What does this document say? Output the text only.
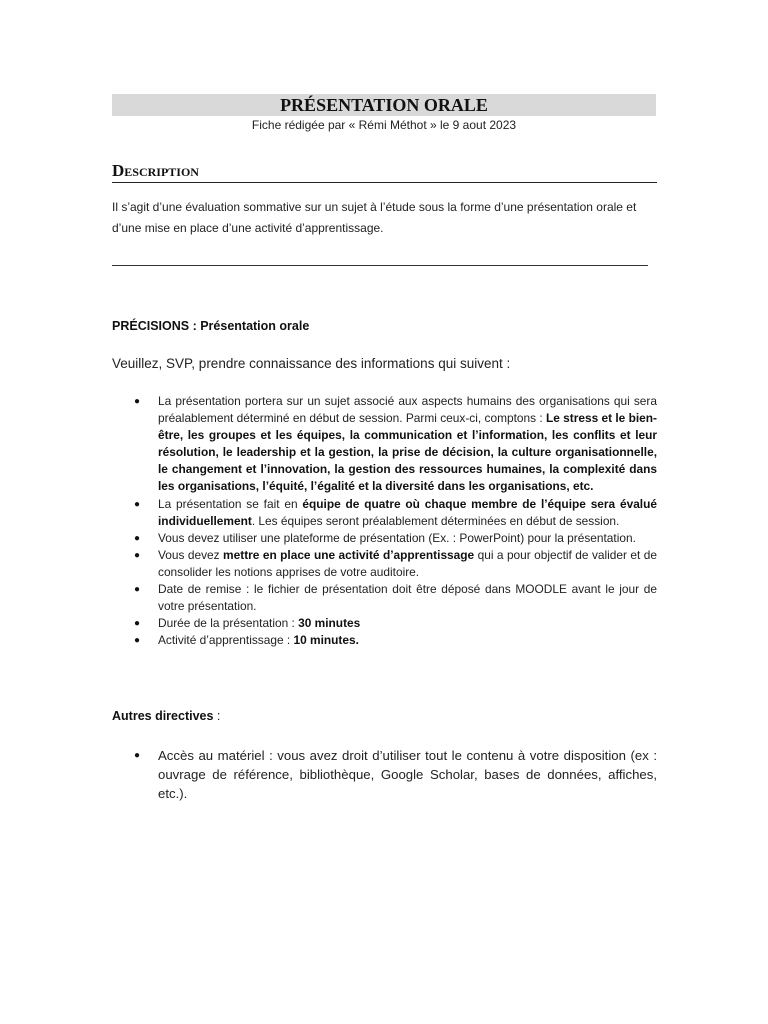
PRÉSENTATION ORALE
Fiche rédigée par « Rémi Méthot » le 9 aout 2023
Description
Il s’agit d’une évaluation sommative sur un sujet à l’étude sous la forme d’une présentation orale et d’une mise en place d’une activité d’apprentissage.
PRÉCISIONS : Présentation orale
Veuillez, SVP, prendre connaissance des informations qui suivent :
● La présentation portera sur un sujet associé aux aspects humains des organisations qui sera préalablement déterminé en début de session. Parmi ceux-ci, comptons : Le stress et le bien-être, les groupes et les équipes, la communication et l’information, les conflits et leur résolution, le leadership et la gestion, la prise de décision, la culture organisationnelle, le changement et l’innovation, la gestion des ressources humaines, la complexité dans les organisations, l’équité, l’égalité et la diversité dans les organisations, etc.
● La présentation se fait en équipe de quatre où chaque membre de l’équipe sera évalué individuellement. Les équipes seront préalablement déterminées en début de session.
● Vous devez utiliser une plateforme de présentation (Ex. : PowerPoint) pour la présentation.
● Vous devez mettre en place une activité d’apprentissage qui a pour objectif de valider et de consolider les notions apprises de votre auditoire.
● Date de remise : le fichier de présentation doit être déposé dans MOODLE avant le jour de votre présentation.
● Durée de la présentation : 30 minutes
● Activité d’apprentissage : 10 minutes.
Autres directives :
● Accès au matériel : vous avez droit d’utiliser tout le contenu à votre disposition (ex : ouvrage de référence, bibliothèque, Google Scholar, bases de données, affiches, etc.).
